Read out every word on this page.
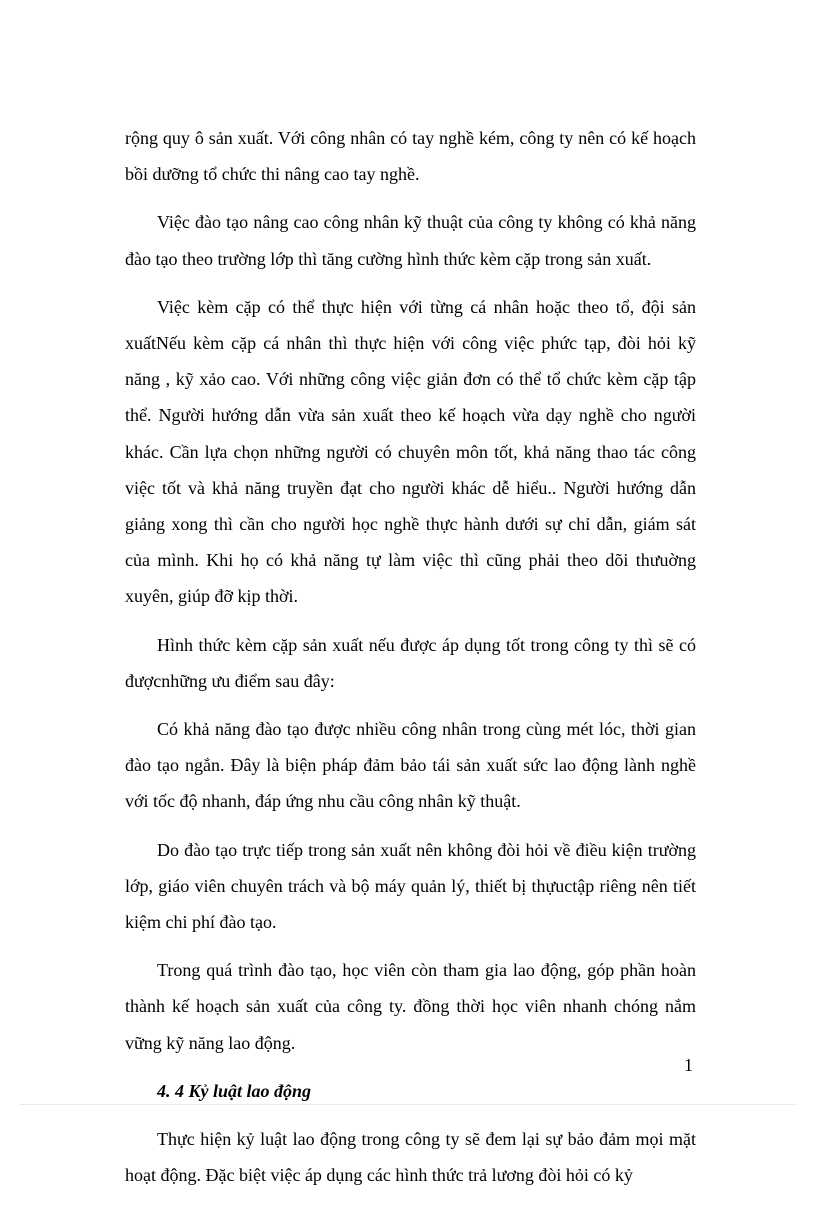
rộng quy ô sản xuất. Với công nhân có tay nghề kém, công ty nên có kế hoạch bồi dưỡng tổ chức thi nâng cao tay nghề.

Việc đào tạo nâng cao công nhân kỹ thuật của công ty không có khả năng đào tạo theo trường lớp thì tăng cường hình thức kèm cặp trong sản xuất.

Việc kèm cặp có thể thực hiện với từng cá nhân hoặc theo tổ, đội sản xuấtNếu kèm cặp cá nhân thì thực hiện với công việc phức tạp, đòi hỏi kỹ năng , kỹ xảo cao. Với những công việc giản đơn có thể tổ chức kèm cặp tập thể. Người hướng dẫn vừa sản xuất theo kế hoạch vừa dạy nghề cho người khác. Cần lựa chọn những người có chuyên môn tốt, khả năng thao tác công việc tốt và khả năng truyền đạt cho người khác dễ hiểu.. Người hướng dẫn giảng xong thì cần cho người học nghề thực hành dưới sự chỉ dẫn, giám sát của mình. Khi họ có khả năng tự làm việc thì cũng phải theo dõi thưuờng xuyên, giúp đỡ kịp thời.

Hình thức kèm cặp sản xuất nếu được áp dụng tốt trong công ty thì sẽ có đượcnhững ưu điểm sau đây:

Có khả năng đào tạo được nhiều công nhân trong cùng mét lóc, thời gian đào tạo ngắn. Đây là biện pháp đảm bảo tái sản xuất sức lao động lành nghề với tốc độ nhanh, đáp ứng nhu cầu công nhân kỹ thuật.

Do đào tạo trực tiếp trong sản xuất nên không đòi hỏi về điều kiện trường lớp, giáo viên chuyên trách và bộ máy quản lý, thiết bị thựuctập riêng nên tiết kiệm chi phí đào tạo.

Trong quá trình đào tạo, học viên còn tham gia lao động, góp phần hoàn thành kế hoạch sản xuất của công ty. đồng thời học viên nhanh chóng nắm vững kỹ năng lao động.

4. 4 Kỷ luật lao động

Thực hiện kỷ luật lao động trong công ty sẽ đem lại sự bảo đảm mọi mặt hoạt động. Đặc biệt việc áp dụng các hình thức trả lương đòi hỏi có kỷ

1
